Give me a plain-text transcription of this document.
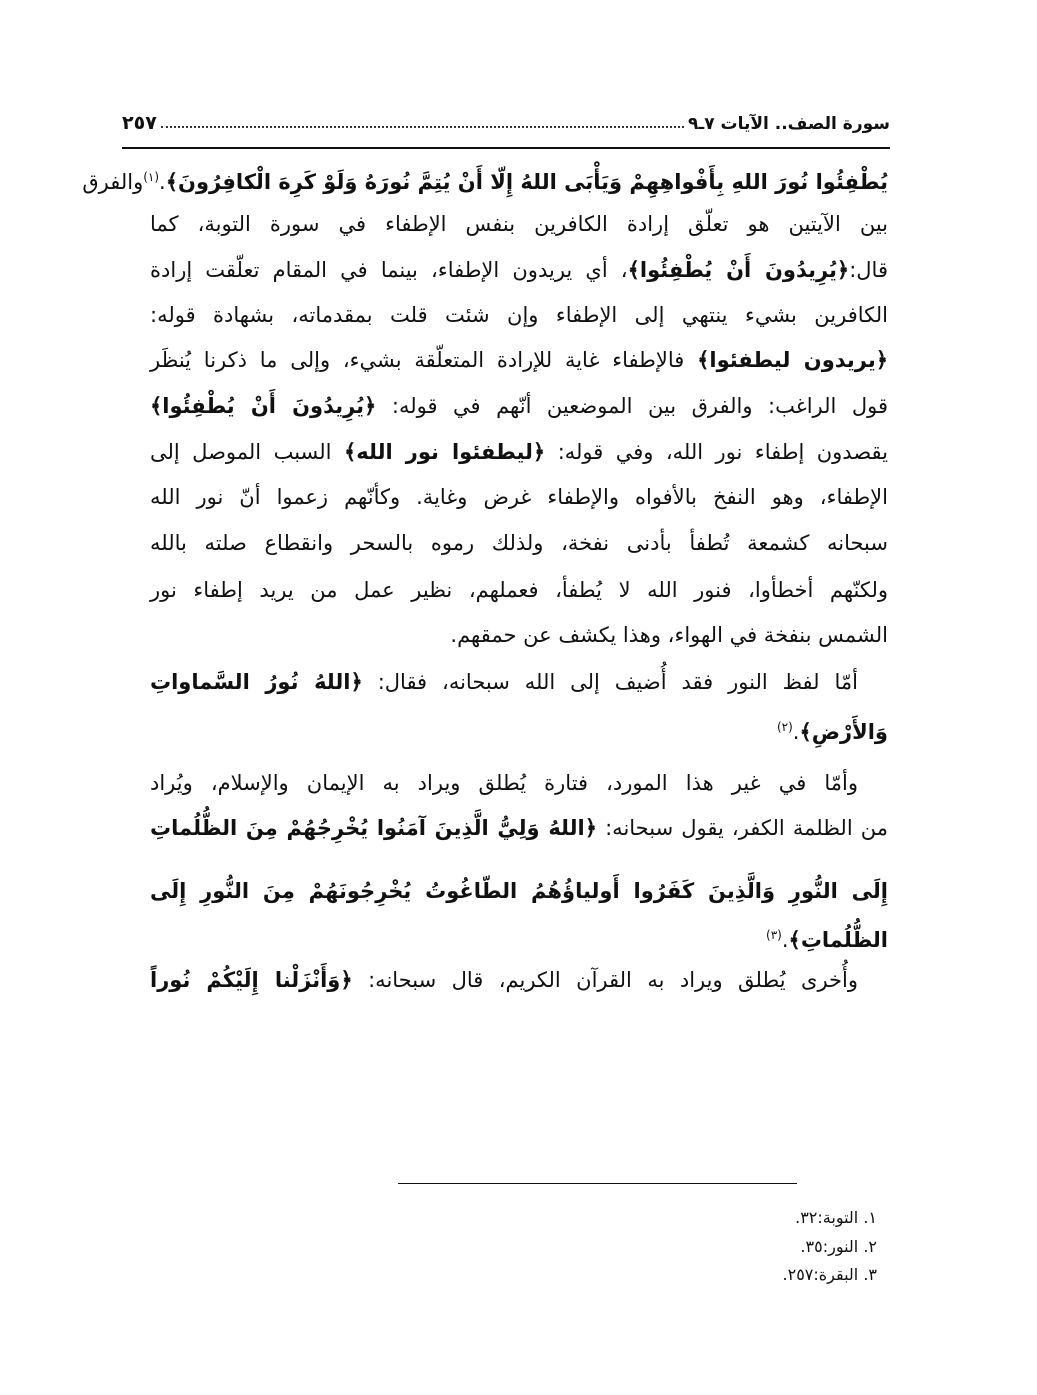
سورة الصف.. الآيات ٧ـ٩
٢٥٧
يُطْفِئُوا نُورَ اللهِ بِأَفْواهِهِمْ وَيَأْبَى اللهُ إِلّا أَنْ يُتِمَّ نُورَهُ وَلَوْ كَرِهَ الْكافِرُونَ﴾.$^{(١)}$والفرق
بين الآيتين هو تعلّق إرادة الكافرين بنفس الإطفاء في سورة التوبة، كما
قال:﴿يُرِيدُونَ أَنْ يُطْفِئُوا﴾، أي يريدون الإطفاء، بينما في المقام تعلّقت إرادة
الكافرين بشيء ينتهي إلى الإطفاء وإن شئت قلت بمقدماته، بشهادة قوله:
﴿يريدون ليطفئوا﴾ فالإطفاء غاية للإرادة المتعلّقة بشيء، وإلى ما ذكرنا يُنظَر
قول الراغب: والفرق بين الموضعين أنّهم في قوله: ﴿يُرِيدُونَ أَنْ يُطْفِئُوا﴾
يقصدون إطفاء نور الله، وفي قوله: ﴿ليطفئوا نور الله﴾ السبب الموصل إلى
الإطفاء، وهو النفخ بالأفواه والإطفاء غرض وغاية. وكأنّهم زعموا أنّ نور الله
سبحانه كشمعة تُطفأ بأدنى نفخة، ولذلك رموه بالسحر وانقطاع صلته بالله
ولكنّهم أخطأوا، فنور الله لا يُطفأ، فعملهم، نظير عمل من يريد إطفاء نور
الشمس بنفخة في الهواء، وهذا يكشف عن حمقهم.
أمّا لفظ النور فقد أُضيف إلى الله سبحانه، فقال: ﴿اللهُ نُورُ السَّماواتِ
وَالأَرْضِ﴾.$^{(٢)}$
وأمّا في غير هذا المورد، فتارة يُطلق ويراد به الإيمان والإسلام، ويُراد
من الظلمة الكفر، يقول سبحانه: ﴿اللهُ وَلِيُّ الَّذِينَ آمَنُوا يُخْرِجُهُمْ مِنَ الظُّلُماتِ
إِلَى النُّورِ وَالَّذِينَ كَفَرُوا أَولياؤُهُمُ الطّاغُوتُ يُخْرِجُونَهُمْ مِنَ النُّورِ إِلَى
الظُّلُماتِ﴾.$^{(٣)}$
وأُخرى يُطلق ويراد به القرآن الكريم، قال سبحانه: ﴿وَأَنْزَلْنا إِلَيْكُمْ نُوراً
١. التوبة:٣٢.
٢. النور:٣٥.
٣. البقرة:٢٥٧.
